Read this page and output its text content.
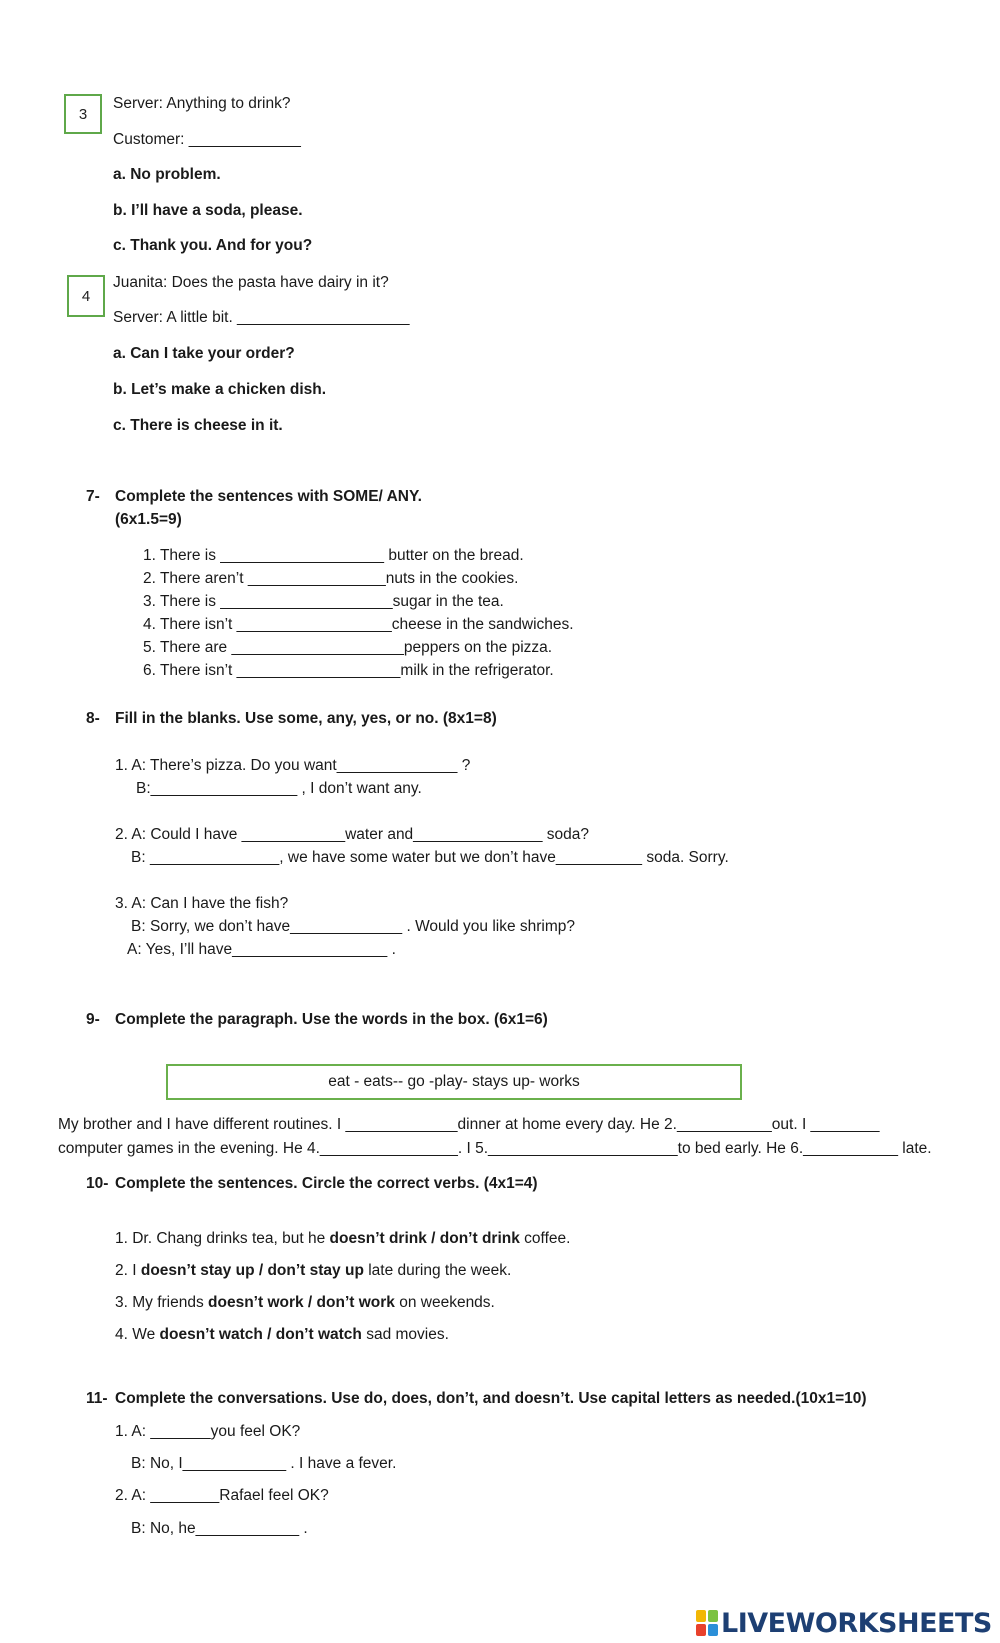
3
Server: Anything to drink?
Customer: _____________
a. No problem.
b. I’ll have a soda, please.
c. Thank you. And for you?
4
Juanita: Does the pasta have dairy in it?
Server: A little bit. ____________________
a. Can I take your order?
b. Let’s make a chicken dish.
c. There is cheese in it.
7- Complete the sentences with SOME/ ANY.
(6x1.5=9)
1. There is ___________________ butter on the bread.
2. There aren’t ________________nuts in the cookies.
3. There is ____________________sugar in the tea.
4. There isn’t __________________cheese in the sandwiches.
5. There are ____________________peppers on the pizza.
6. There isn’t ___________________milk in the refrigerator.
8- Fill in the blanks. Use some, any, yes, or no. (8x1=8)
1. A: There’s pizza. Do you want______________ ?
B:_________________ , I don’t want any.
2. A: Could I have ____________water and_______________ soda?
B: _______________, we have some water but we don’t have__________ soda. Sorry.
3. A: Can I have the fish?
B: Sorry, we don’t have_____________ . Would you like shrimp?
A: Yes, I’ll have__________________ .
9- Complete the paragraph. Use the words in the box. (6x1=6)
eat - eats-- go -play- stays up- works
My brother and I have different routines. I _____________dinner at home every day. He 2.___________out. I ________ computer games in the evening. He 4.________________. I 5.______________________to bed early. He 6.___________ late.
10- Complete the sentences. Circle the correct verbs. (4x1=4)
1. Dr. Chang drinks tea, but he doesn’t drink / don’t drink coffee.
2. I doesn’t stay up / don’t stay up late during the week.
3. My friends doesn’t work / don’t work on weekends.
4. We doesn’t watch / don’t watch sad movies.
11- Complete the conversations. Use do, does, don’t, and doesn’t. Use capital letters as needed.(10x1=10)
1. A: _______you feel OK?
B: No, I____________ . I have a fever.
2. A: ________Rafael feel OK?
B: No, he____________ .
LIVEWORKSHEETS
